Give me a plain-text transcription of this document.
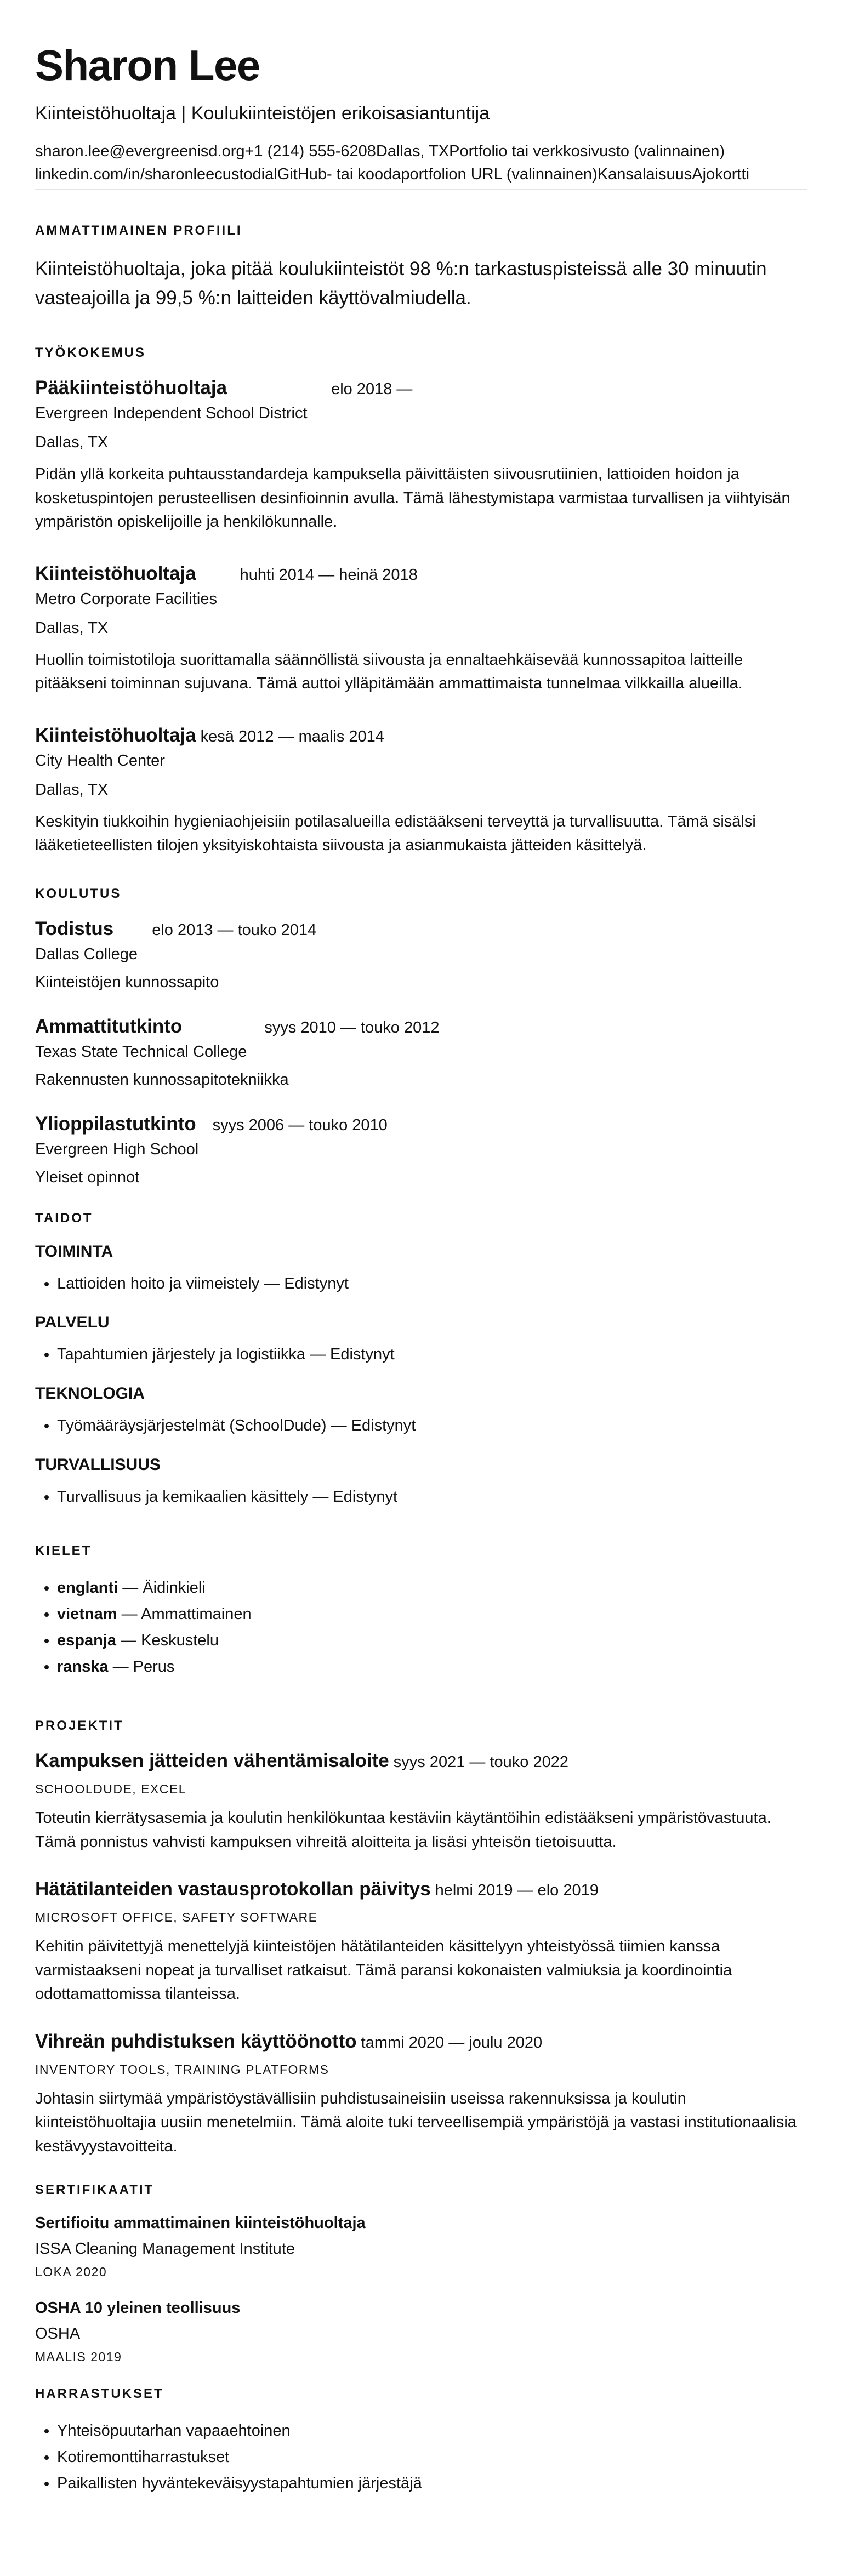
Sharon Lee
Kiinteistöhuoltaja | Koulukiinteistöjen erikoisasiantuntija
sharon.lee@evergreenisd.org+1 (214) 555-6208Dallas, TXPortfolio tai verkkosivusto (valinnainen)
linkedin.com/in/sharonleecustodialGitHub- tai koodaportfolion URL (valinnainen)KansalaisuusAjokortti
AMMATTIMAINEN PROFIILI
Kiinteistöhuoltaja, joka pitää koulukiinteistöt 98 %:n tarkastuspisteissä alle 30 minuutin vasteajoilla ja 99,5 %:n laitteiden käyttövalmiudella.
TYÖKOKEMUS
Pääkiinteistöhuoltaja	elo 2018 —
Evergreen Independent School District
Dallas, TX
Pidän yllä korkeita puhtausstandardeja kampuksella päivittäisten siivousrutiinien, lattioiden hoidon ja kosketuspintojen perusteellisen desinfioinnin avulla. Tämä lähestymistapa varmistaa turvallisen ja viihtyisän ympäristön opiskelijoille ja henkilökunnalle.
Kiinteistöhuoltaja	huhti 2014 — heinä 2018
Metro Corporate Facilities
Dallas, TX
Huollin toimistotiloja suorittamalla säännöllistä siivousta ja ennaltaehkäisevää kunnossapitoa laitteille pitääkseni toiminnan sujuvana. Tämä auttoi ylläpitämään ammattimaista tunnelmaa vilkkailla alueilla.
Kiinteistöhuoltaja kesä 2012 — maalis 2014
City Health Center
Dallas, TX
Keskityin tiukkoihin hygieniaohjeisiin potilasalueilla edistääkseni terveyttä ja turvallisuutta. Tämä sisälsi lääketieteellisten tilojen yksityiskohtaista siivousta ja asianmukaista jätteiden käsittelyä.
KOULUTUS
Todistus elo 2013 — touko 2014
Dallas College
Kiinteistöjen kunnossapito
Ammattitutkinto	syys 2010 — touko 2012
Texas State Technical College
Rakennusten kunnossapitotekniikka
Ylioppilastutkinto syys 2006 — touko 2010
Evergreen High School
Yleiset opinnot
TAIDOT
TOIMINTA
• Lattioiden hoito ja viimeistely — Edistynyt
PALVELU
• Tapahtumien järjestely ja logistiikka — Edistynyt
TEKNOLOGIA
• Työmääräysjärjestelmät (SchoolDude) — Edistynyt
TURVALLISUUS
• Turvallisuus ja kemikaalien käsittely — Edistynyt
KIELET
• englanti — Äidinkieli
• vietnam — Ammattimainen
• espanja — Keskustelu
• ranska — Perus
PROJEKTIT
Kampuksen jätteiden vähentämisaloite syys 2021 — touko 2022
SCHOOLDUDE, EXCEL
Toteutin kierrätysasemia ja koulutin henkilökuntaa kestäviin käytäntöihin edistääkseni ympäristövastuuta. Tämä ponnistus vahvisti kampuksen vihreitä aloitteita ja lisäsi yhteisön tietoisuutta.
Hätätilanteiden vastausprotokollan päivitys helmi 2019 — elo 2019
MICROSOFT OFFICE, SAFETY SOFTWARE
Kehitin päivitettyjä menettelyjä kiinteistöjen hätätilanteiden käsittelyyn yhteistyössä tiimien kanssa varmistaakseni nopeat ja turvalliset ratkaisut. Tämä paransi kokonaisten valmiuksia ja koordinointia odottamattomissa tilanteissa.
Vihreän puhdistuksen käyttöönotto tammi 2020 — joulu 2020
INVENTORY TOOLS, TRAINING PLATFORMS
Johtasin siirtymää ympäristöystävällisiin puhdistusaineisiin useissa rakennuksissa ja koulutin kiinteistöhuoltajia uusiin menetelmiin. Tämä aloite tuki terveellisempiä ympäristöjä ja vastasi institutionaalisia kestävyystavoitteita.
SERTIFIKAATIT
Sertifioitu ammattimainen kiinteistöhuoltaja
ISSA Cleaning Management Institute
LOKA 2020
OSHA 10 yleinen teollisuus
OSHA
MAALIS 2019
HARRASTUKSET
• Yhteisöpuutarhan vapaaehtoinen
• Kotiremonttiharrastukset
• Paikallisten hyväntekeväisyystapahtumien järjestäjä
